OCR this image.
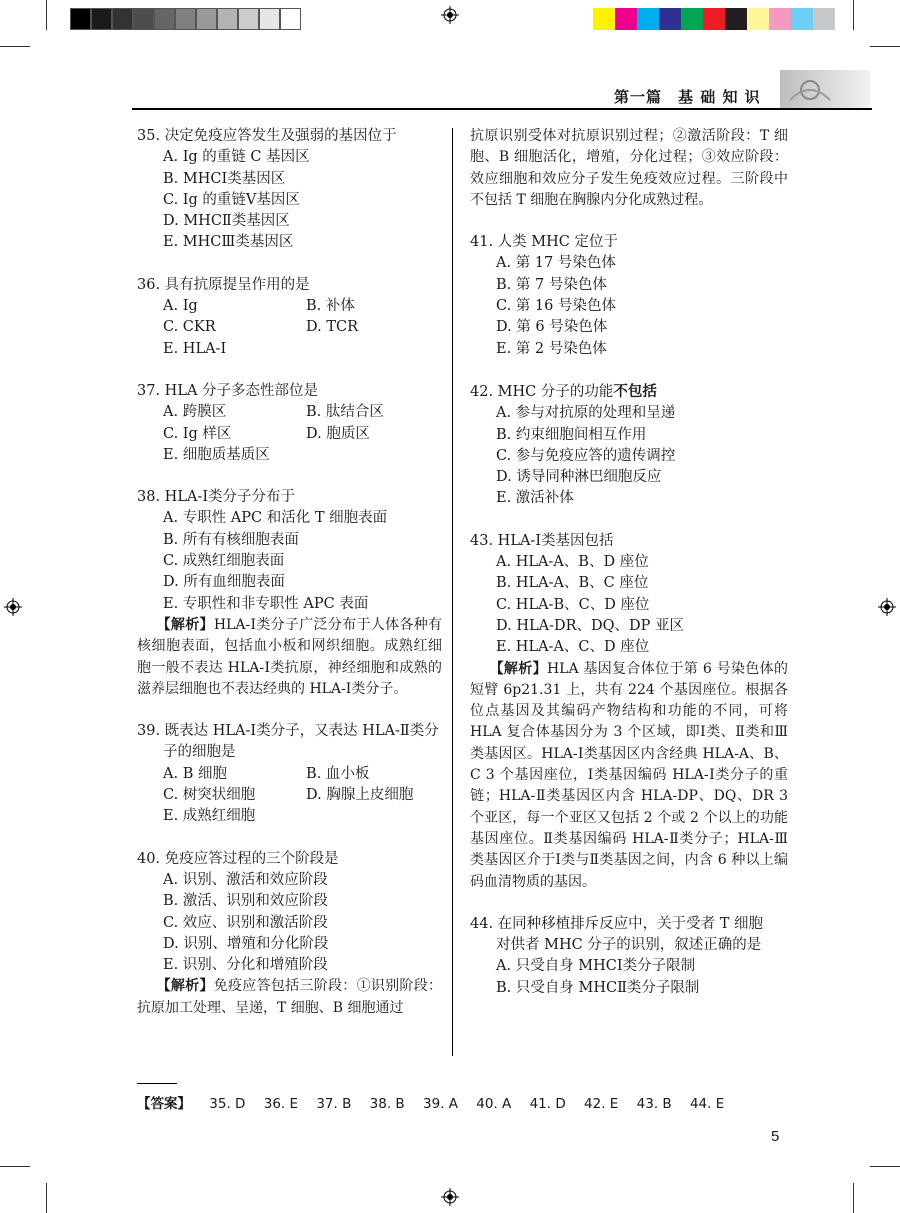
第一篇　基 础 知 识
35. 决定免疫应答发生及强弱的基因位于
A. Ig 的重链 C 基因区
B. MHCⅠ类基因区
C. Ig 的重链Ⅴ基因区
D. MHCⅡ类基因区
E. MHCⅢ类基因区
36. 具有抗原提呈作用的是
A. Ig	B. 补体
C. CKR	D. TCR
E. HLA-Ⅰ
37. HLA 分子多态性部位是
A. 跨膜区	B. 肽结合区
C. Ig 样区	D. 胞质区
E. 细胞质基质区
38. HLA-Ⅰ类分子分布于
A. 专职性 APC 和活化 T 细胞表面
B. 所有有核细胞表面
C. 成熟红细胞表面
D. 所有血细胞表面
E. 专职性和非专职性 APC 表面
【解析】HLA-Ⅰ类分子广泛分布于人体各种有核细胞表面，包括血小板和网织细胞。成熟红细胞一般不表达 HLA-Ⅰ类抗原，神经细胞和成熟的滋养层细胞也不表达经典的 HLA-Ⅰ类分子。
39. 既表达 HLA-Ⅰ类分子，又表达 HLA-Ⅱ类分
子的细胞是
A. B 细胞	B. 血小板
C. 树突状细胞	D. 胸腺上皮细胞
E. 成熟红细胞
40. 免疫应答过程的三个阶段是
A. 识别、激活和效应阶段
B. 激活、识别和效应阶段
C. 效应、识别和激活阶段
D. 识别、增殖和分化阶段
E. 识别、分化和增殖阶段
【解析】免疫应答包括三阶段：①识别阶段：抗原加工处理、呈递，T 细胞、B 细胞通过
抗原识别受体对抗原识别过程；②激活阶段：T 细胞、B 细胞活化，增殖，分化过程；③效应阶段：效应细胞和效应分子发生免疫效应过程。三阶段中不包括 T 细胞在胸腺内分化成熟过程。
41. 人类 MHC 定位于
A. 第 17 号染色体
B. 第 7 号染色体
C. 第 16 号染色体
D. 第 6 号染色体
E. 第 2 号染色体
42. MHC 分子的功能不包括
A. 参与对抗原的处理和呈递
B. 约束细胞间相互作用
C. 参与免疫应答的遗传调控
D. 诱导同种淋巴细胞反应
E. 激活补体
43. HLA-Ⅰ类基因包括
A. HLA-A、B、D 座位
B. HLA-A、B、C 座位
C. HLA-B、C、D 座位
D. HLA-DR、DQ、DP 亚区
E. HLA-A、C、D 座位
【解析】HLA 基因复合体位于第 6 号染色体的短臂 6p21.31 上，共有 224 个基因座位。根据各位点基因及其编码产物结构和功能的不同，可将 HLA 复合体基因分为 3 个区域，即Ⅰ类、Ⅱ类和Ⅲ类基因区。HLA-Ⅰ类基因区内含经典 HLA-A、B、C 3 个基因座位，Ⅰ类基因编码 HLA-Ⅰ类分子的重链；HLA-Ⅱ类基因区内含 HLA-DP、DQ、DR 3 个亚区，每一个亚区又包括 2 个或 2 个以上的功能基因座位。Ⅱ类基因编码 HLA-Ⅱ类分子；HLA-Ⅲ类基因区介于Ⅰ类与Ⅱ类基因之间，内含 6 种以上编码血清物质的基因。
44. 在同种移植排斥反应中，关于受者 T 细胞
对供者 MHC 分子的识别，叙述正确的是
A. 只受自身 MHCⅠ类分子限制
B. 只受自身 MHCⅡ类分子限制
【答案】 35. D 36. E 37. B 38. B 39. A 40. A 41. D 42. E 43. B 44. E
5
